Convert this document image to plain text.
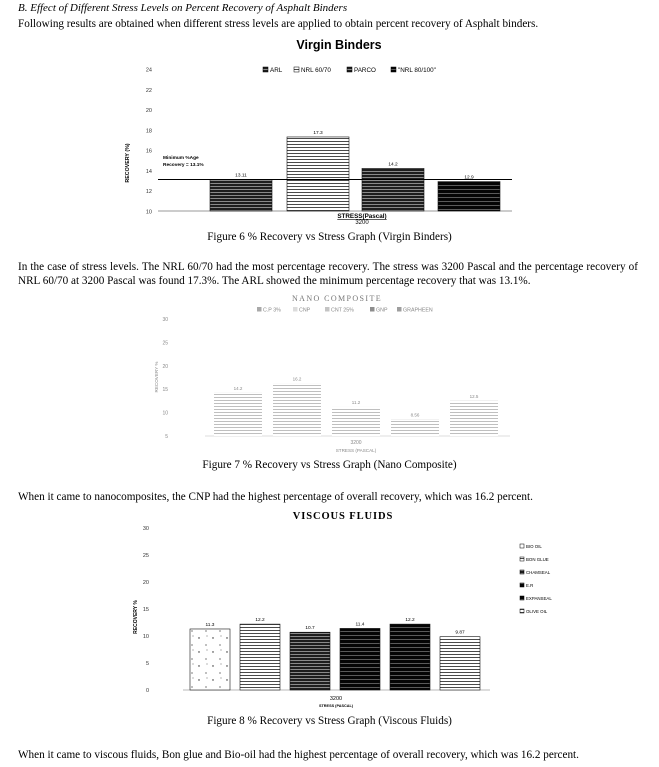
B. Effect of Different Stress Levels on Percent Recovery of Asphalt Binders
Following results are obtained when different stress levels are applied to obtain percent recovery of Asphalt binders.
Virgin Binders
10
12
14
16
18
20
22
24
RECOVERY (%)
ARL	NRL 60/70	PARCO	"NRL 80/100"
13.11
17.3
14.2
12.9
Minimum %Age
Recovery = 13.1%
STRESS(Pascal)
3200
Figure 6 % Recovery vs Stress Graph (Virgin Binders)
In the case of stress levels. The NRL 60/70 had the most percentage recovery. The stress was 3200 Pascal and the percentage recovery of NRL 60/70 at 3200 Pascal was found 17.3%. The ARL showed the minimum percentage recovery that was 13.1%.
NANO COMPOSITE
C.P 3%	CNP	CNT 25%	GNP	GRAPHEEN
5
10
15
20
25
30
RECOVERY %	14.2
16.2
11.2
8.56
12.5
3200
STRESS (PASCAL)
Figure 7 % Recovery vs Stress Graph (Nano Composite)
When it came to nanocomposites, the CNP had the highest percentage of overall recovery, which was 16.2 percent.
VISCOUS FLUIDS
0
5
10
15
20
25
30
RECOVERY %	11.3
BIO OIL
12.2
BON GLUE
10.7
CHAMSEAL
11.4
E.R
12.2
EXPANSEAL
9.87
OLIVE OIL
3200
STRESS (PASCAL)
Figure 8 % Recovery vs Stress Graph (Viscous Fluids)
When it came to viscous fluids, Bon glue and Bio-oil had the highest percentage of overall recovery, which was 16.2 percent.
